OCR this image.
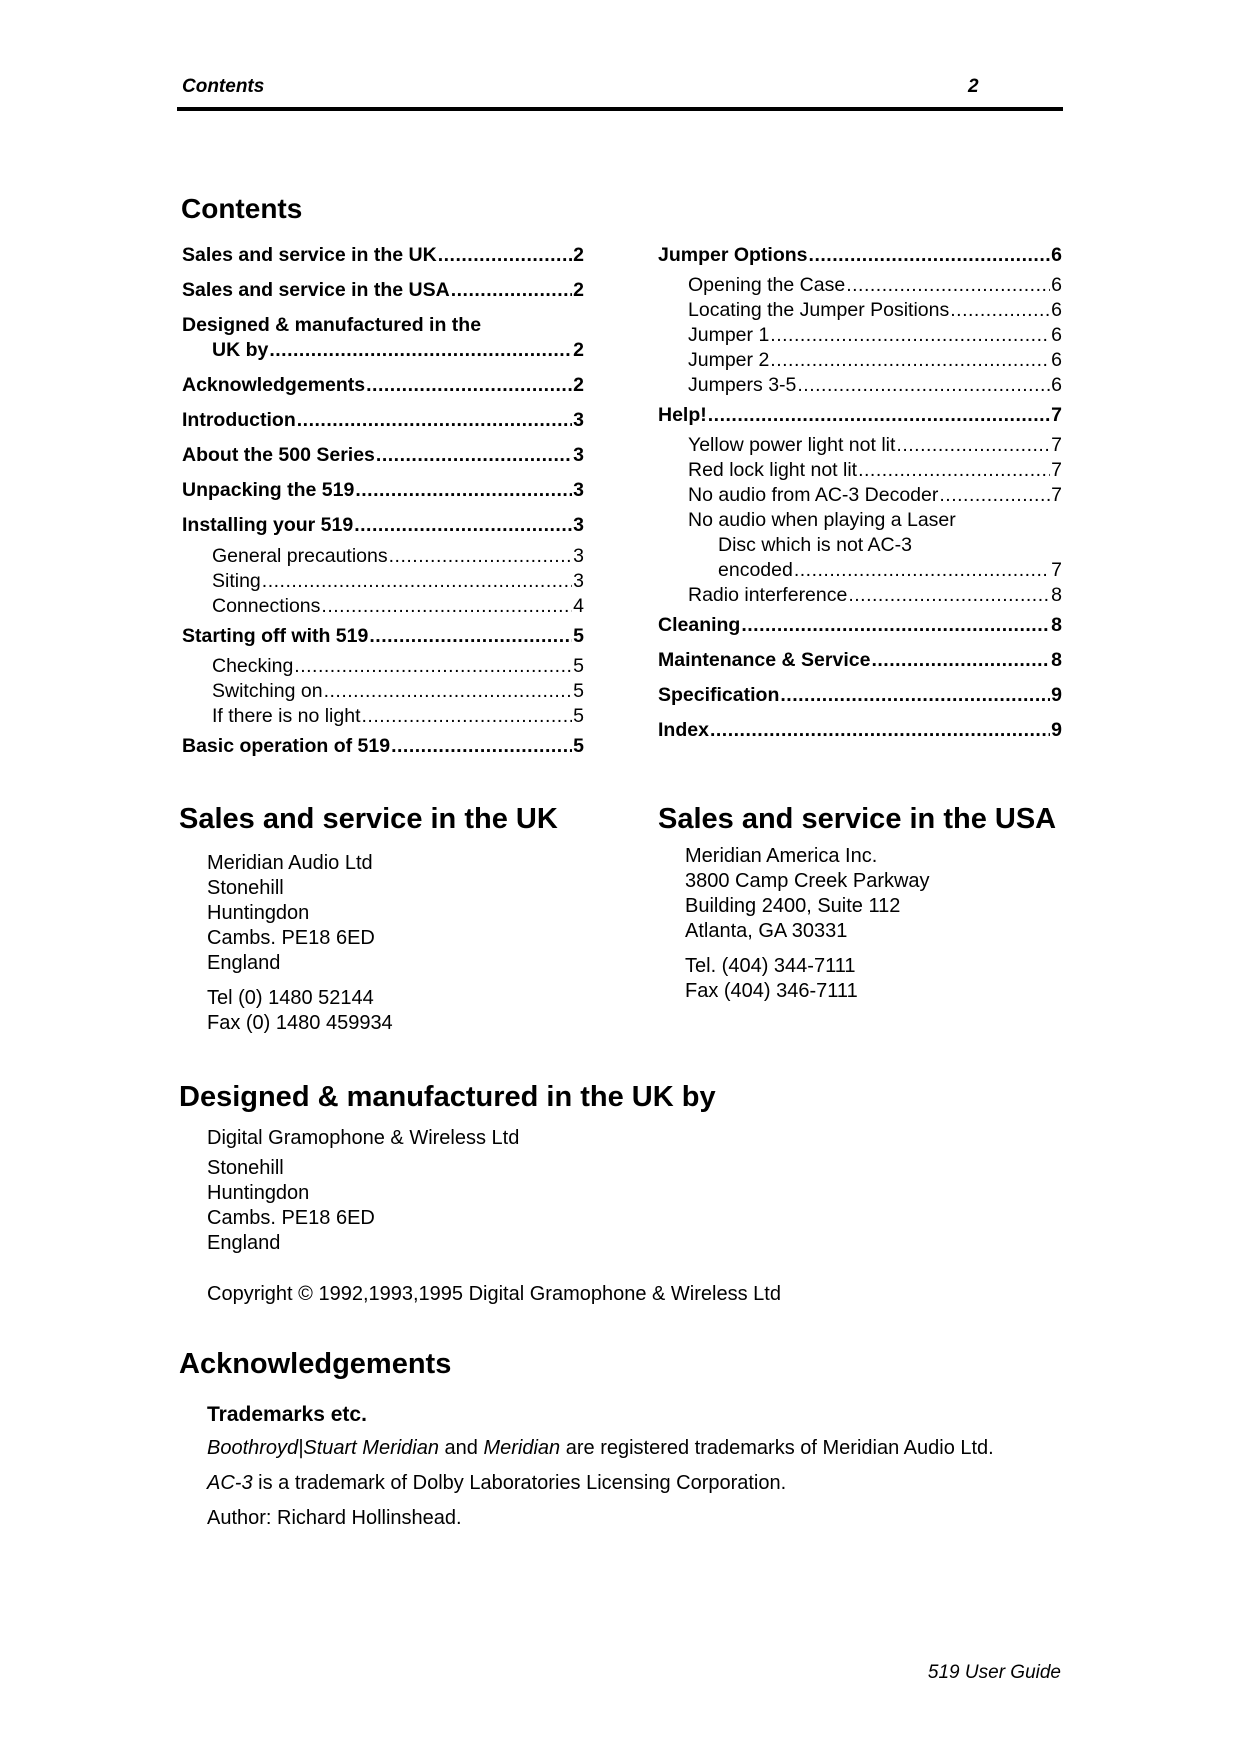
Contents	2
Contents
Sales and service in the UK .....	2
Sales and service in the USA .....	2
Designed & manufactured in the
UK by .....	2
Acknowledgements .....	2
Introduction .....	3
About the 500 Series .....	3
Unpacking the 519 .....	3
Installing your 519 .....	3
General precautions .....	3
Siting .....	3
Connections .....	4
Starting off with 519 .....	5
Checking .....	5
Switching on .....	5
If there is no light .....	5
Basic operation of 519 .....	5
Jumper Options .....	6
Opening the Case .....	6
Locating the Jumper Positions .....	6
Jumper 1 .....	6
Jumper 2 .....	6
Jumpers 3-5 .....	6
Help! .....	7
Yellow power light not lit .....	7
Red lock light not lit .....	7
No audio from AC-3 Decoder .....	7
No audio when playing a Laser
Disc which is not AC-3
encoded .....	7
Radio interference .....	8
Cleaning .....	8
Maintenance & Service .....	8
Specification .....	9
Index .....	9
Sales and service in the UK
Meridian Audio Ltd
Stonehill
Huntingdon
Cambs. PE18 6ED
England
Tel (0) 1480 52144
Fax (0) 1480 459934
Sales and service in the USA
Meridian America Inc.
3800 Camp Creek Parkway
Building 2400, Suite 112
Atlanta, GA 30331
Tel. (404) 344-7111
Fax (404) 346-7111
Designed & manufactured in the UK by
Digital Gramophone & Wireless Ltd
Stonehill
Huntingdon
Cambs. PE18 6ED
England
Copyright © 1992,1993,1995 Digital Gramophone & Wireless Ltd
Acknowledgements
Trademarks etc.
Boothroyd|Stuart Meridian and Meridian are registered trademarks of Meridian Audio Ltd.
AC-3 is a trademark of Dolby Laboratories Licensing Corporation.
Author: Richard Hollinshead.
519 User Guide
